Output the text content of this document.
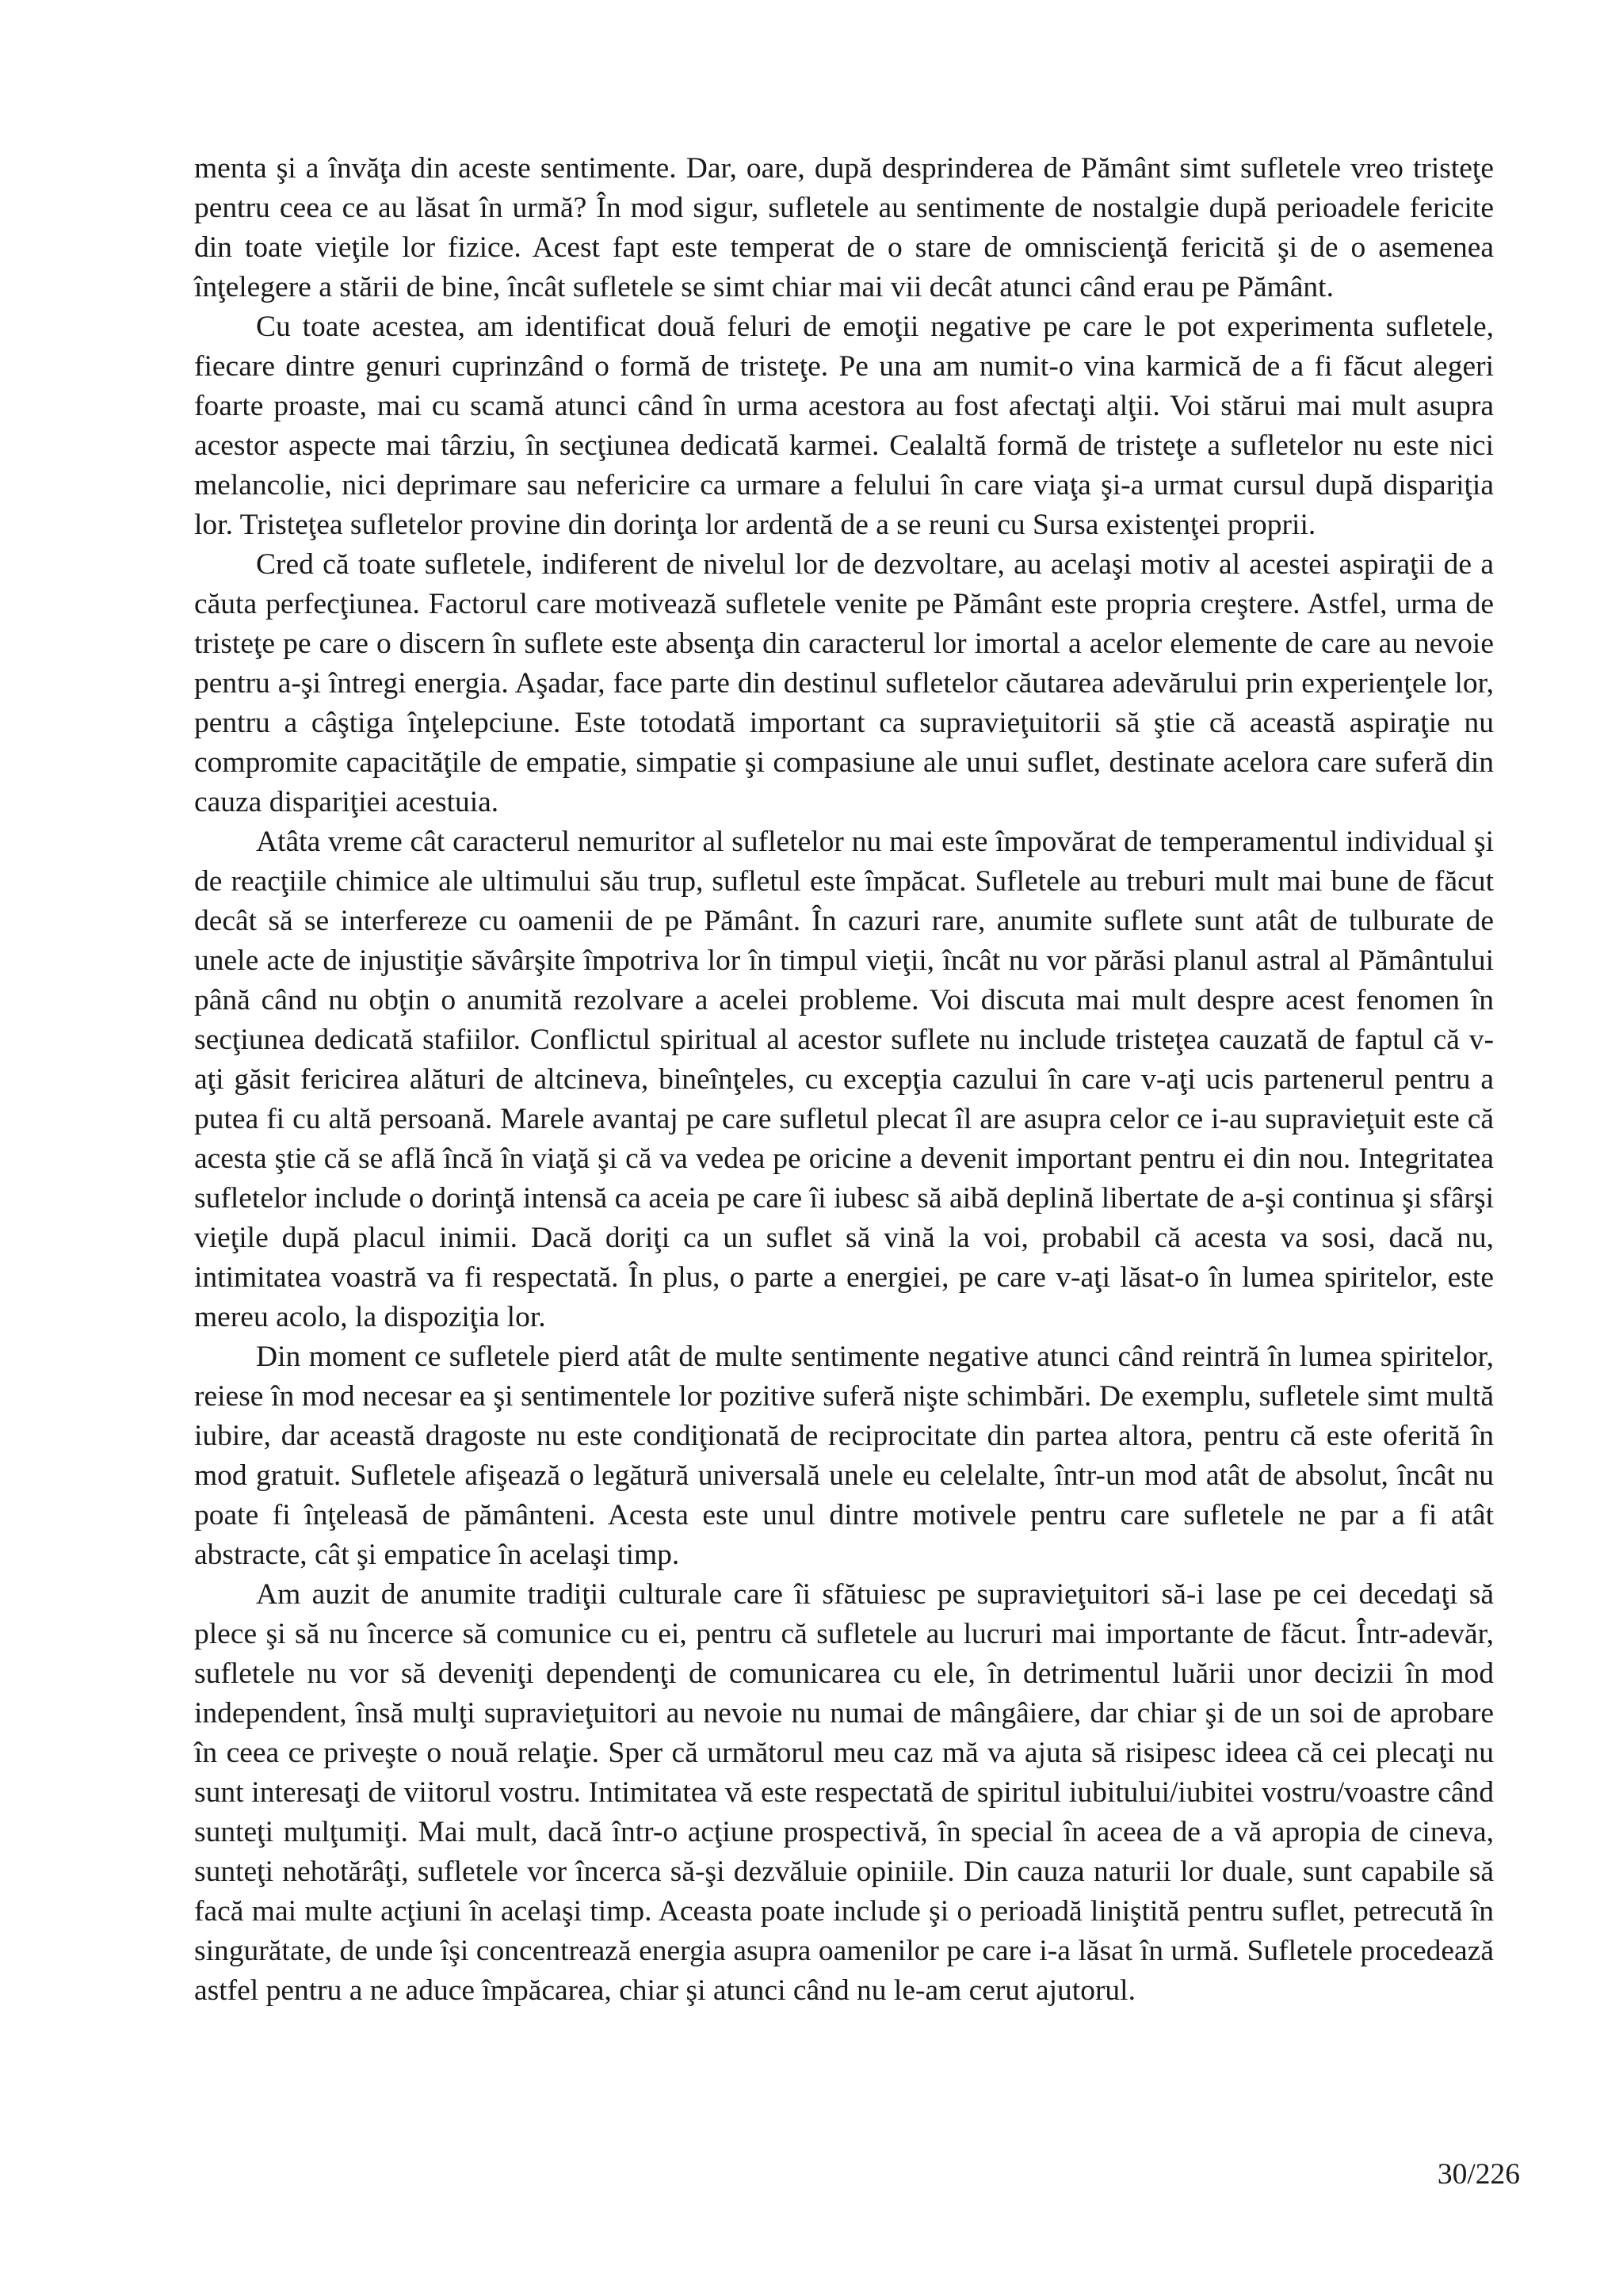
menta şi a învăţa din aceste sentimente. Dar, oare, după desprinderea de Pământ simt sufletele vreo tristeţe pentru ceea ce au lăsat în urmă? În mod sigur, sufletele au sentimente de nostalgie după perioadele fericite din toate vieţile lor fizice. Acest fapt este temperat de o stare de omniscienţă fericită şi de o asemenea înţelegere a stării de bine, încât sufletele se simt chiar mai vii decât atunci când erau pe Pământ.

Cu toate acestea, am identificat două feluri de emoţii negative pe care le pot experimenta sufletele, fiecare dintre genuri cuprinzând o formă de tristeţe. Pe una am numit-o vina karmică de a fi făcut alegeri foarte proaste, mai cu scamă atunci când în urma acestora au fost afectaţi alţii. Voi stărui mai mult asupra acestor aspecte mai târziu, în secţiunea dedicată karmei. Cealaltă formă de tristeţe a sufletelor nu este nici melancolie, nici deprimare sau nefericire ca urmare a felului în care viaţa şi-a urmat cursul după dispariţia lor. Tristeţea sufletelor provine din dorinţa lor ardentă de a se reuni cu Sursa existenţei proprii.

Cred că toate sufletele, indiferent de nivelul lor de dezvoltare, au acelaşi motiv al acestei aspiraţii de a căuta perfecţiunea. Factorul care motivează sufletele venite pe Pământ este propria creştere. Astfel, urma de tristeţe pe care o discern în suflete este absenţa din caracterul lor imortal a acelor elemente de care au nevoie pentru a-şi întregi energia. Aşadar, face parte din destinul sufletelor căutarea adevărului prin experienţele lor, pentru a câştiga înţelepciune. Este totodată important ca supravieţuitorii să ştie că această aspiraţie nu compromite capacităţile de empatie, simpatie şi compasiune ale unui suflet, destinate acelora care suferă din cauza dispariţiei acestuia.

Atâta vreme cât caracterul nemuritor al sufletelor nu mai este împovărat de temperamentul individual şi de reacţiile chimice ale ultimului său trup, sufletul este împăcat. Sufletele au treburi mult mai bune de făcut decât să se interfereze cu oamenii de pe Pământ. În cazuri rare, anumite suflete sunt atât de tulburate de unele acte de injustiţie săvârşite împotriva lor în timpul vieţii, încât nu vor părăsi planul astral al Pământului până când nu obţin o anumită rezolvare a acelei probleme. Voi discuta mai mult despre acest fenomen în secţiunea dedicată stafiilor. Conflictul spiritual al acestor suflete nu include tristeţea cauzată de faptul că v-aţi găsit fericirea alături de altcineva, bineînţeles, cu excepţia cazului în care v-aţi ucis partenerul pentru a putea fi cu altă persoană. Marele avantaj pe care sufletul plecat îl are asupra celor ce i-au supravieţuit este că acesta ştie că se află încă în viaţă şi că va vedea pe oricine a devenit important pentru ei din nou. Integritatea sufletelor include o dorinţă intensă ca aceia pe care îi iubesc să aibă deplină libertate de a-şi continua şi sfârşi vieţile după placul inimii. Dacă doriţi ca un suflet să vină la voi, probabil că acesta va sosi, dacă nu, intimitatea voastră va fi respectată. În plus, o parte a energiei, pe care v-aţi lăsat-o în lumea spiritelor, este mereu acolo, la dispoziţia lor.

Din moment ce sufletele pierd atât de multe sentimente negative atunci când reintră în lumea spiritelor, reiese în mod necesar ea şi sentimentele lor pozitive suferă nişte schimbări. De exemplu, sufletele simt multă iubire, dar această dragoste nu este condiţionată de reciprocitate din partea altora, pentru că este oferită în mod gratuit. Sufletele afişează o legătură universală unele eu celelalte, într-un mod atât de absolut, încât nu poate fi înţeleasă de pământeni. Acesta este unul dintre motivele pentru care sufletele ne par a fi atât abstracte, cât şi empatice în acelaşi timp.

Am auzit de anumite tradiţii culturale care îi sfătuiesc pe supravieţuitori să-i lase pe cei decedaţi să plece şi să nu încerce să comunice cu ei, pentru că sufletele au lucruri mai importante de făcut. Într-adevăr, sufletele nu vor să deveniţi dependenţi de comunicarea cu ele, în detrimentul luării unor decizii în mod independent, însă mulţi supravieţuitori au nevoie nu numai de mângâiere, dar chiar şi de un soi de aprobare în ceea ce priveşte o nouă relaţie. Sper că următorul meu caz mă va ajuta să risipesc ideea că cei plecaţi nu sunt interesaţi de viitorul vostru. Intimitatea vă este respectată de spiritul iubitului/iubitei vostru/voastre când sunteţi mulţumiţi. Mai mult, dacă într-o acţiune prospectivă, în special în aceea de a vă apropia de cineva, sunteţi nehotărâţi, sufletele vor încerca să-şi dezvăluie opiniile. Din cauza naturii lor duale, sunt capabile să facă mai multe acţiuni în acelaşi timp. Aceasta poate include şi o perioadă liniştită pentru suflet, petrecută în singurătate, de unde îşi concentrează energia asupra oamenilor pe care i-a lăsat în urmă. Sufletele procedează astfel pentru a ne aduce împăcarea, chiar şi atunci când nu le-am cerut ajutorul.

30/226
